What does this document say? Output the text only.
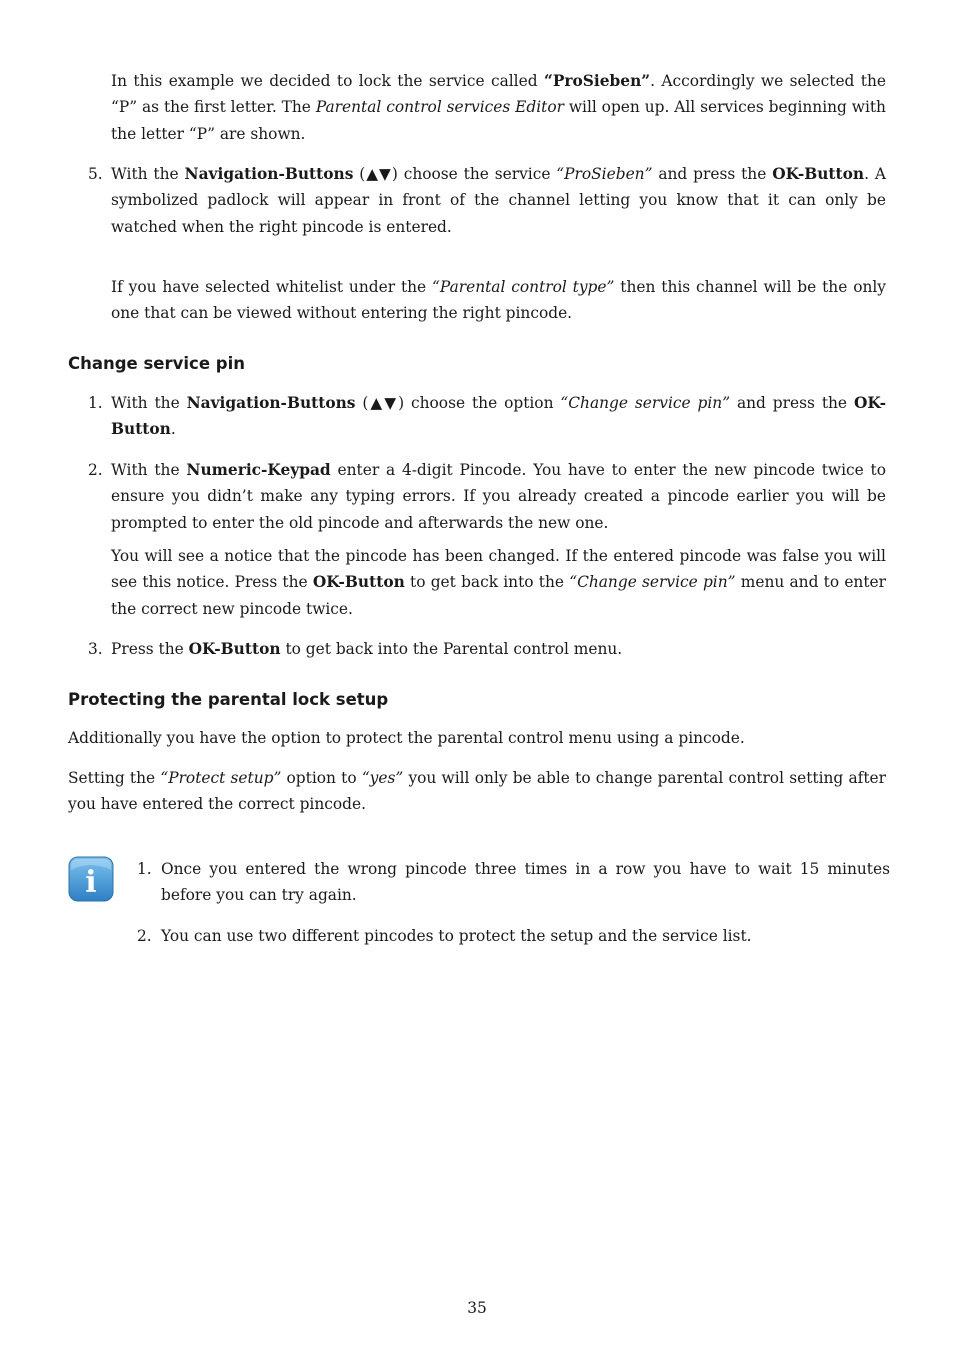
In this example we decided to lock the service called “ProSieben”. Accordingly we selected the “P” as the first letter. The Parental control services Editor will open up. All services beginning with the letter “P” are shown.

5. With the Navigation-Buttons (▲▼) choose the service “ProSieben” and press the OK-Button. A symbolized padlock will appear in front of the channel letting you know that it can only be watched when the right pincode is entered.

If you have selected whitelist under the “Parental control type” then this channel will be the only one that can be viewed without entering the right pincode.

Change service pin
1. With the Navigation-Buttons (▲▼) choose the option “Change service pin” and press the OK-Button.

2. With the Numeric-Keypad enter a 4-digit Pincode. You have to enter the new pincode twice to ensure you didn’t make any typing errors. If you already created a pincode earlier you will be prompted to enter the old pincode and afterwards the new one.

You will see a notice that the pincode has been changed. If the entered pincode was false you will see this notice. Press the OK-Button to get back into the “Change service pin” menu and to enter the correct new pincode twice.

3. Press the OK-Button to get back into the Parental control menu.

Protecting the parental lock setup

Additionally you have the option to protect the parental control menu using a pincode.

Setting the “Protect setup” option to “yes” you will only be able to change parental control setting after you have entered the correct pincode.

i	1. Once you entered the wrong pincode three times in a row you have to wait 15 minutes before you can try again.

2. You can use two different pincodes to protect the setup and the service list.

35
